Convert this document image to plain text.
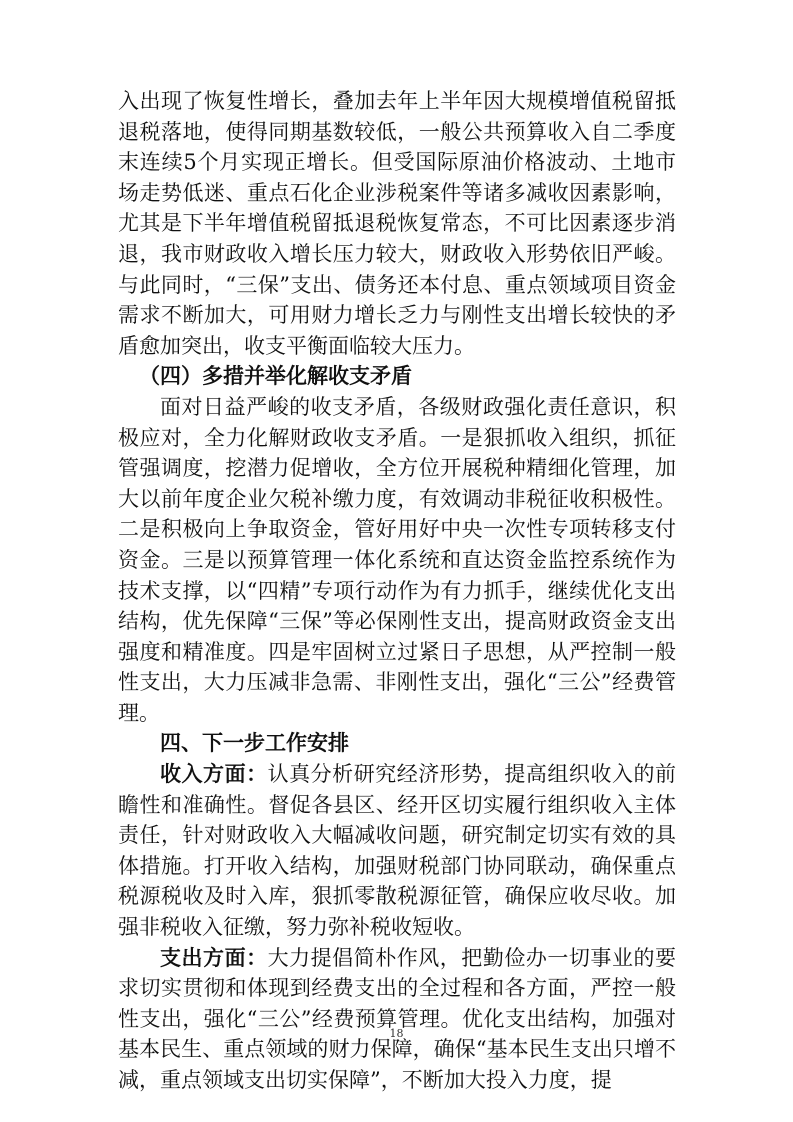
入出现了恢复性增长，叠加去年上半年因大规模增值税留抵退税落地，使得同期基数较低，一般公共预算收入自二季度末连续5个月实现正增长。但受国际原油价格波动、土地市场走势低迷、重点石化企业涉税案件等诸多减收因素影响，尤其是下半年增值税留抵退税恢复常态，不可比因素逐步消退，我市财政收入增长压力较大，财政收入形势依旧严峻。与此同时，“三保”支出、债务还本付息、重点领域项目资金需求不断加大，可用财力增长乏力与刚性支出增长较快的矛盾愈加突出，收支平衡面临较大压力。

（四）多措并举化解收支矛盾

面对日益严峻的收支矛盾，各级财政强化责任意识，积极应对，全力化解财政收支矛盾。一是狠抓收入组织，抓征管强调度，挖潜力促增收，全方位开展税种精细化管理，加大以前年度企业欠税补缴力度，有效调动非税征收积极性。二是积极向上争取资金，管好用好中央一次性专项转移支付资金。三是以预算管理一体化系统和直达资金监控系统作为技术支撑，以“四精”专项行动作为有力抓手，继续优化支出结构，优先保障“三保”等必保刚性支出，提高财政资金支出强度和精准度。四是牢固树立过紧日子思想，从严控制一般性支出，大力压减非急需、非刚性支出，强化“三公”经费管理。

四、下一步工作安排

收入方面：认真分析研究经济形势，提高组织收入的前瞻性和准确性。督促各县区、经开区切实履行组织收入主体责任，针对财政收入大幅减收问题，研究制定切实有效的具体措施。打开收入结构，加强财税部门协同联动，确保重点税源税收及时入库，狠抓零散税源征管，确保应收尽收。加强非税收入征缴，努力弥补税收短收。

支出方面：大力提倡简朴作风，把勤俭办一切事业的要求切实贯彻和体现到经费支出的全过程和各方面，严控一般性支出，强化“三公”经费预算管理。优化支出结构，加强对基本民生、重点领域的财力保障，确保“基本民生支出只增不减，重点领域支出切实保障”，不断加大投入力度，提

18
